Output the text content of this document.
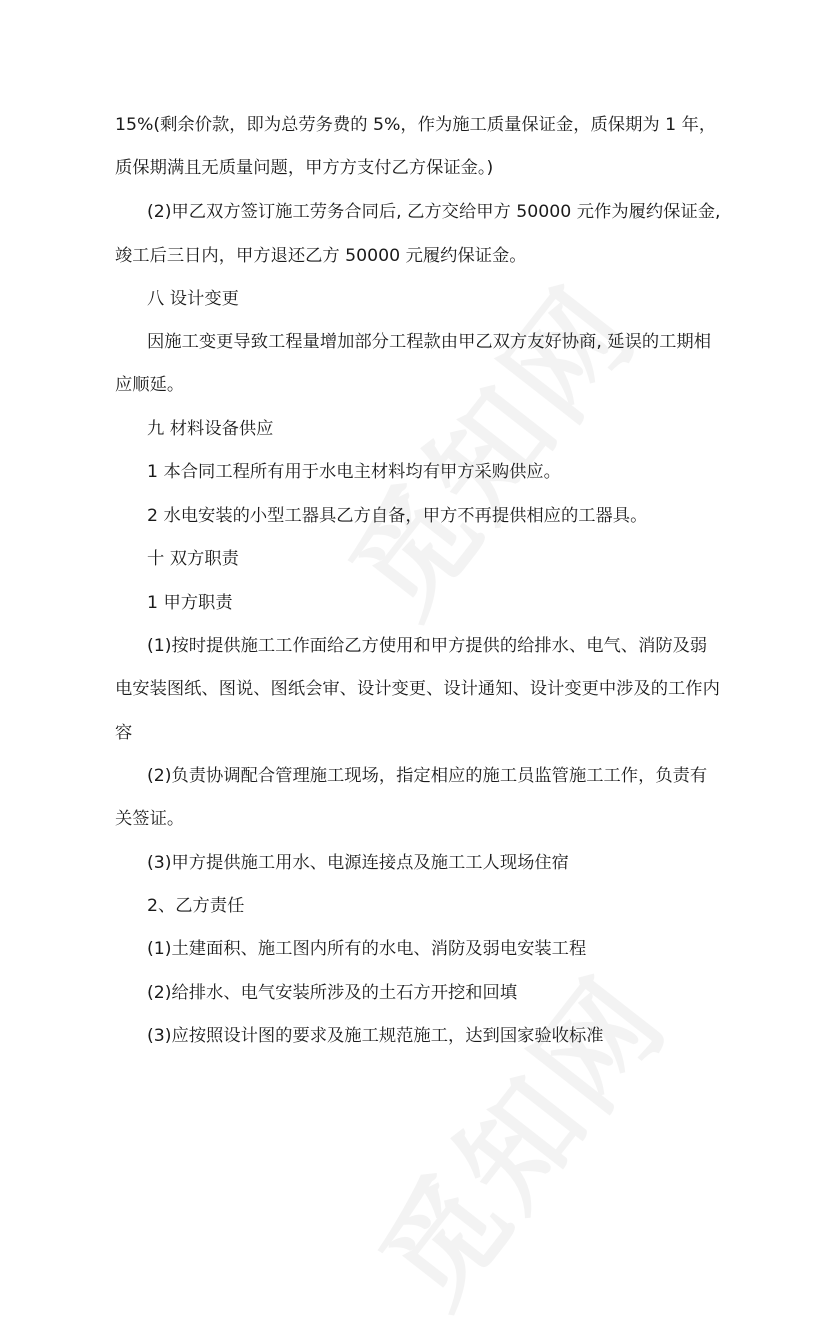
15%(剩余价款，即为总劳务费的 5%，作为施工质量保证金，质保期为 1 年，
质保期满且无质量问题，甲方方支付乙方保证金。)
(2)甲乙双方签订施工劳务合同后, 乙方交给甲方 50000 元作为履约保证金,
竣工后三日内，甲方退还乙方 50000 元履约保证金。
八 设计变更
因施工变更导致工程量增加部分工程款由甲乙双方友好协商, 延误的工期相
应顺延。
九 材料设备供应
1 本合同工程所有用于水电主材料均有甲方采购供应。
2 水电安装的小型工器具乙方自备，甲方不再提供相应的工器具。
十 双方职责
1 甲方职责
(1)按时提供施工工作面给乙方使用和甲方提供的给排水、电气、消防及弱
电安装图纸、图说、图纸会审、设计变更、设计通知、设计变更中涉及的工作内
容
(2)负责协调配合管理施工现场，指定相应的施工员监管施工工作，负责有
关签证。
(3)甲方提供施工用水、电源连接点及施工工人现场住宿
2、乙方责任
(1)土建面积、施工图内所有的水电、消防及弱电安装工程
(2)给排水、电气安装所涉及的土石方开挖和回填
(3)应按照设计图的要求及施工规范施工，达到国家验收标准
